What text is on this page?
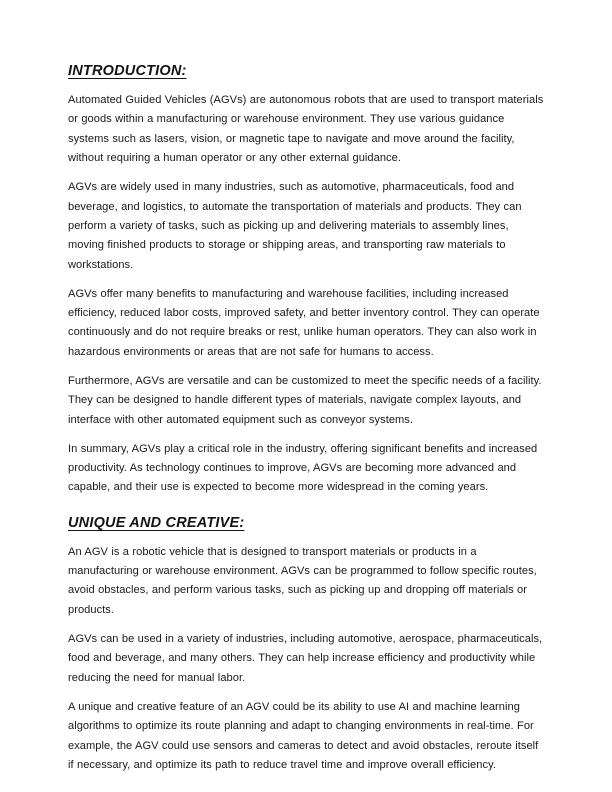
INTRODUCTION:

Automated Guided Vehicles (AGVs) are autonomous robots that are used to transport materials or goods within a manufacturing or warehouse environment. They use various guidance systems such as lasers, vision, or magnetic tape to navigate and move around the facility, without requiring a human operator or any other external guidance.

AGVs are widely used in many industries, such as automotive, pharmaceuticals, food and beverage, and logistics, to automate the transportation of materials and products. They can perform a variety of tasks, such as picking up and delivering materials to assembly lines, moving finished products to storage or shipping areas, and transporting raw materials to workstations.

AGVs offer many benefits to manufacturing and warehouse facilities, including increased efficiency, reduced labor costs, improved safety, and better inventory control. They can operate continuously and do not require breaks or rest, unlike human operators. They can also work in hazardous environments or areas that are not safe for humans to access.

Furthermore, AGVs are versatile and can be customized to meet the specific needs of a facility. They can be designed to handle different types of materials, navigate complex layouts, and interface with other automated equipment such as conveyor systems.

In summary, AGVs play a critical role in the industry, offering significant benefits and increased productivity. As technology continues to improve, AGVs are becoming more advanced and capable, and their use is expected to become more widespread in the coming years.

UNIQUE AND CREATIVE:

An AGV is a robotic vehicle that is designed to transport materials or products in a manufacturing or warehouse environment. AGVs can be programmed to follow specific routes, avoid obstacles, and perform various tasks, such as picking up and dropping off materials or products.

AGVs can be used in a variety of industries, including automotive, aerospace, pharmaceuticals, food and beverage, and many others. They can help increase efficiency and productivity while reducing the need for manual labor.

A unique and creative feature of an AGV could be its ability to use AI and machine learning algorithms to optimize its route planning and adapt to changing environments in real-time. For example, the AGV could use sensors and cameras to detect and avoid obstacles, reroute itself if necessary, and optimize its path to reduce travel time and improve overall efficiency.
